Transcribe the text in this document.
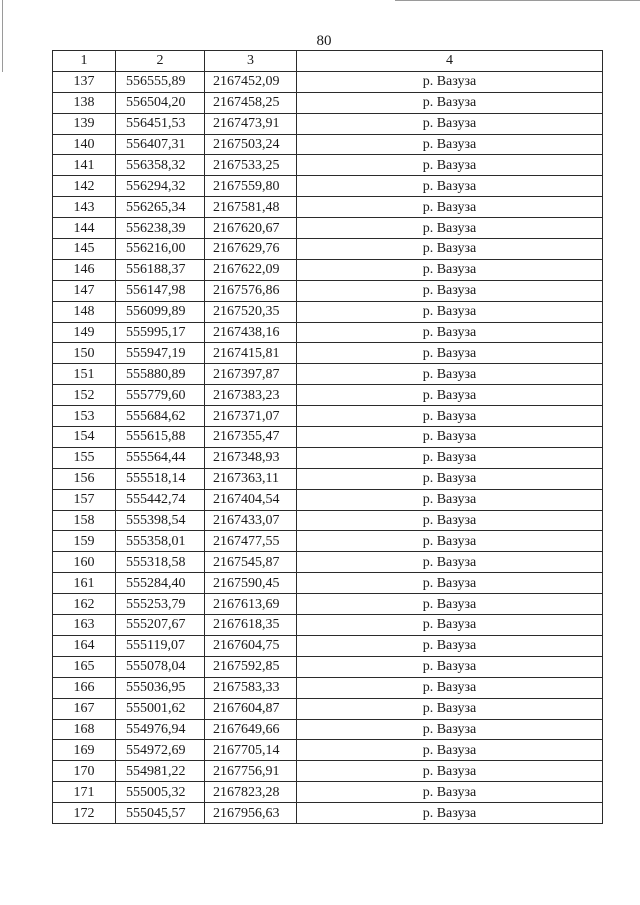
80
1	2	3	4
137	556555,89	2167452,09	р. Вазуза
138	556504,20	2167458,25	р. Вазуза
139	556451,53	2167473,91	р. Вазуза
140	556407,31	2167503,24	р. Вазуза
141	556358,32	2167533,25	р. Вазуза
142	556294,32	2167559,80	р. Вазуза
143	556265,34	2167581,48	р. Вазуза
144	556238,39	2167620,67	р. Вазуза
145	556216,00	2167629,76	р. Вазуза
146	556188,37	2167622,09	р. Вазуза
147	556147,98	2167576,86	р. Вазуза
148	556099,89	2167520,35	р. Вазуза
149	555995,17	2167438,16	р. Вазуза
150	555947,19	2167415,81	р. Вазуза
151	555880,89	2167397,87	р. Вазуза
152	555779,60	2167383,23	р. Вазуза
153	555684,62	2167371,07	р. Вазуза
154	555615,88	2167355,47	р. Вазуза
155	555564,44	2167348,93	р. Вазуза
156	555518,14	2167363,11	р. Вазуза
157	555442,74	2167404,54	р. Вазуза
158	555398,54	2167433,07	р. Вазуза
159	555358,01	2167477,55	р. Вазуза
160	555318,58	2167545,87	р. Вазуза
161	555284,40	2167590,45	р. Вазуза
162	555253,79	2167613,69	р. Вазуза
163	555207,67	2167618,35	р. Вазуза
164	555119,07	2167604,75	р. Вазуза
165	555078,04	2167592,85	р. Вазуза
166	555036,95	2167583,33	р. Вазуза
167	555001,62	2167604,87	р. Вазуза
168	554976,94	2167649,66	р. Вазуза
169	554972,69	2167705,14	р. Вазуза
170	554981,22	2167756,91	р. Вазуза
171	555005,32	2167823,28	р. Вазуза
172	555045,57	2167956,63	р. Вазуза
